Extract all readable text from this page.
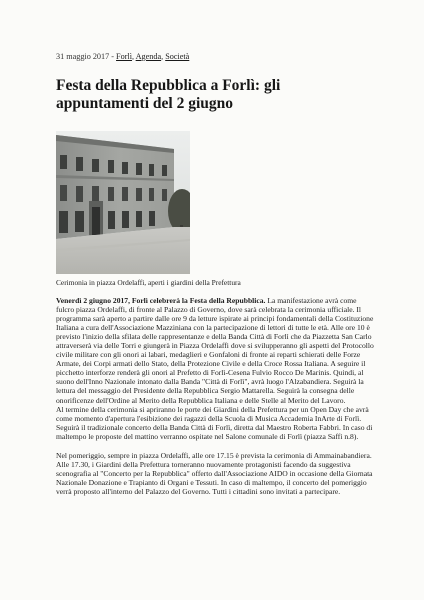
31 maggio 2017 - Forlì, Agenda, Società
Festa della Repubblica a Forlì: gli appuntamenti del 2 giugno
Cerimonia in piazza Ordelaffi, aperti i giardini della Prefettura

Venerdì 2 giugno 2017, Forlì celebrerà la Festa della Repubblica. La manifestazione avrà come fulcro piazza Ordelaffi, di fronte al Palazzo di Governo, dove sarà celebrata la cerimonia ufficiale. Il programma sarà aperto a partire dalle ore 9 da letture ispirate ai principi fondamentali della Costituzione Italiana a cura dell'Associazione Mazziniana con la partecipazione di lettori di tutte le età. Alle ore 10 è previsto l'inizio della sfilata delle rappresentanze e della Banda Città di Forlì che da Piazzetta San Carlo attraverserà via delle Torri e giungerà in Piazza Ordelaffi dove si svilupperanno gli aspetti del Protocollo civile militare con gli onori ai labari, medaglieri e Gonfaloni di fronte ai reparti schierati delle Forze Armate, dei Corpi armati dello Stato, della Protezione Civile e della Croce Rossa Italiana. A seguire il picchetto interforze renderà gli onori al Prefetto di Forlì-Cesena Fulvio Rocco De Marinis. Quindi, al suono dell'Inno Nazionale intonato dalla Banda "Città di Forlì", avrà luogo l'Alzabandiera. Seguirà la lettura del messaggio del Presidente della Repubblica Sergio Mattarella. Seguirà la consegna delle onorificenze dell'Ordine al Merito della Repubblica Italiana e delle Stelle al Merito del Lavoro.

Al termine della cerimonia si apriranno le porte dei Giardini della Prefettura per un Open Day che avrà come momento d'apertura l'esibizione dei ragazzi della Scuola di Musica Accademia InArte di Forlì. Seguirà il tradizionale concerto della Banda Città di Forlì, diretta dal Maestro Roberta Fabbri. In caso di maltempo le proposte del mattino verranno ospitate nel Salone comunale di Forlì (piazza Saffi n.8).

Nel pomeriggio, sempre in piazza Ordelaffi, alle ore 17.15 è prevista la cerimonia di Ammainabandiera. Alle 17.30, i Giardini della Prefettura torneranno nuovamente protagonisti facendo da suggestiva scenografia al "Concerto per la Repubblica" offerto dall'Associazione AIDO in occasione della Giornata Nazionale Donazione e Trapianto di Organi e Tessuti. In caso di maltempo, il concerto del pomeriggio verrà proposto all'interno del Palazzo del Governo. Tutti i cittadini sono invitati a partecipare.
